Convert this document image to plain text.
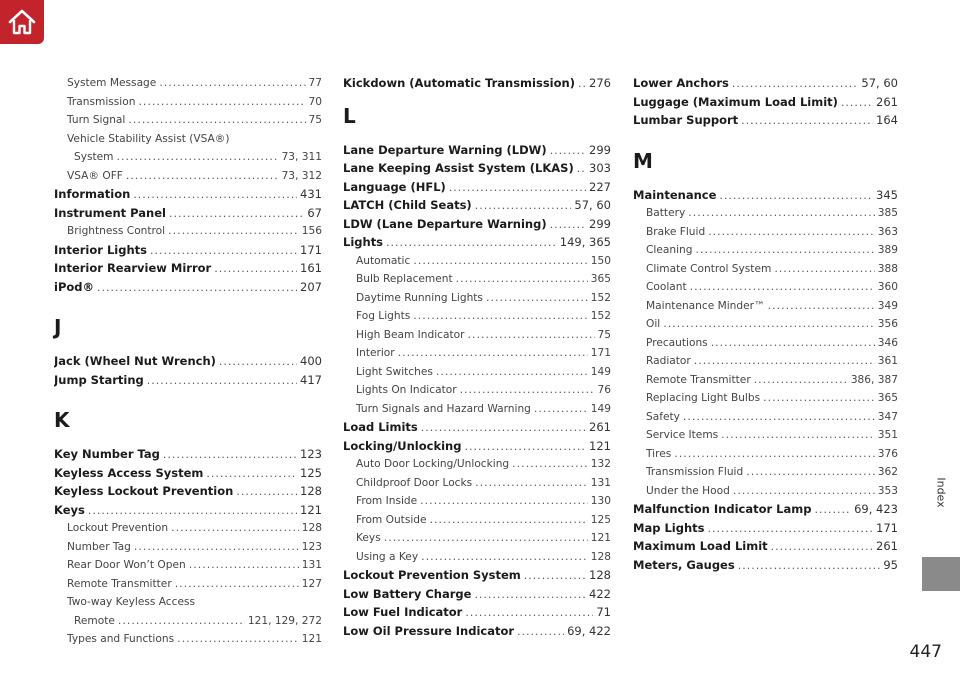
System Message .....	77
Transmission .....	70
Turn Signal .....	75
Vehicle Stability Assist (VSA®)
System .....	73, 311
VSA® OFF .....	73, 312
Information .....	431
Instrument Panel .....	67
Brightness Control .....	156
Interior Lights .....	171
Interior Rearview Mirror .....	161
iPod® .....	207
J
Jack (Wheel Nut Wrench) .....	400
Jump Starting .....	417
K
Key Number Tag .....	123
Keyless Access System .....	125
Keyless Lockout Prevention .....	128
Keys .....	121
Lockout Prevention .....	128
Number Tag .....	123
Rear Door Won’t Open .....	131
Remote Transmitter .....	127
Two-way Keyless Access
Remote .....	121, 129, 272
Types and Functions .....	121
Kickdown (Automatic Transmission) ..... 276
L
Lane Departure Warning (LDW) .....	299
Lane Keeping Assist System (LKAS) ..... 303
Language (HFL) .....	227
LATCH (Child Seats) .....	57, 60
LDW (Lane Departure Warning) .....	299
Lights .....	149, 365
Automatic .....	150
Bulb Replacement .....	365
Daytime Running Lights .....	152
Fog Lights .....	152
High Beam Indicator .....	75
Interior .....	171
Light Switches .....	149
Lights On Indicator .....	76
Turn Signals and Hazard Warning .....	149
Load Limits .....	261
Locking/Unlocking .....	121
Auto Door Locking/Unlocking .....	132
Childproof Door Locks .....	131
From Inside .....	130
From Outside .....	125
Keys .....	121
Using a Key .....	128
Lockout Prevention System .....	128
Low Battery Charge .....	422
Low Fuel Indicator .....	71
Low Oil Pressure Indicator .....	69, 422
Lower Anchors .....	57, 60
Luggage (Maximum Load Limit) .....	261
Lumbar Support .....	164
M
Maintenance .....	345
Battery .....	385
Brake Fluid .....	363
Cleaning .....	389
Climate Control System .....	388
Coolant .....	360
Maintenance Minder™ .....	349
Oil .....	356
Precautions .....	346
Radiator .....	361
Remote Transmitter .....	386, 387
Replacing Light Bulbs .....	365
Safety .....	347
Service Items .....	351
Tires .....	376
Transmission Fluid .....	362
Under the Hood .....	353
Malfunction Indicator Lamp .....	69, 423
Map Lights .....	171
Maximum Load Limit .....	261
Meters, Gauges .....	95
Index
447
